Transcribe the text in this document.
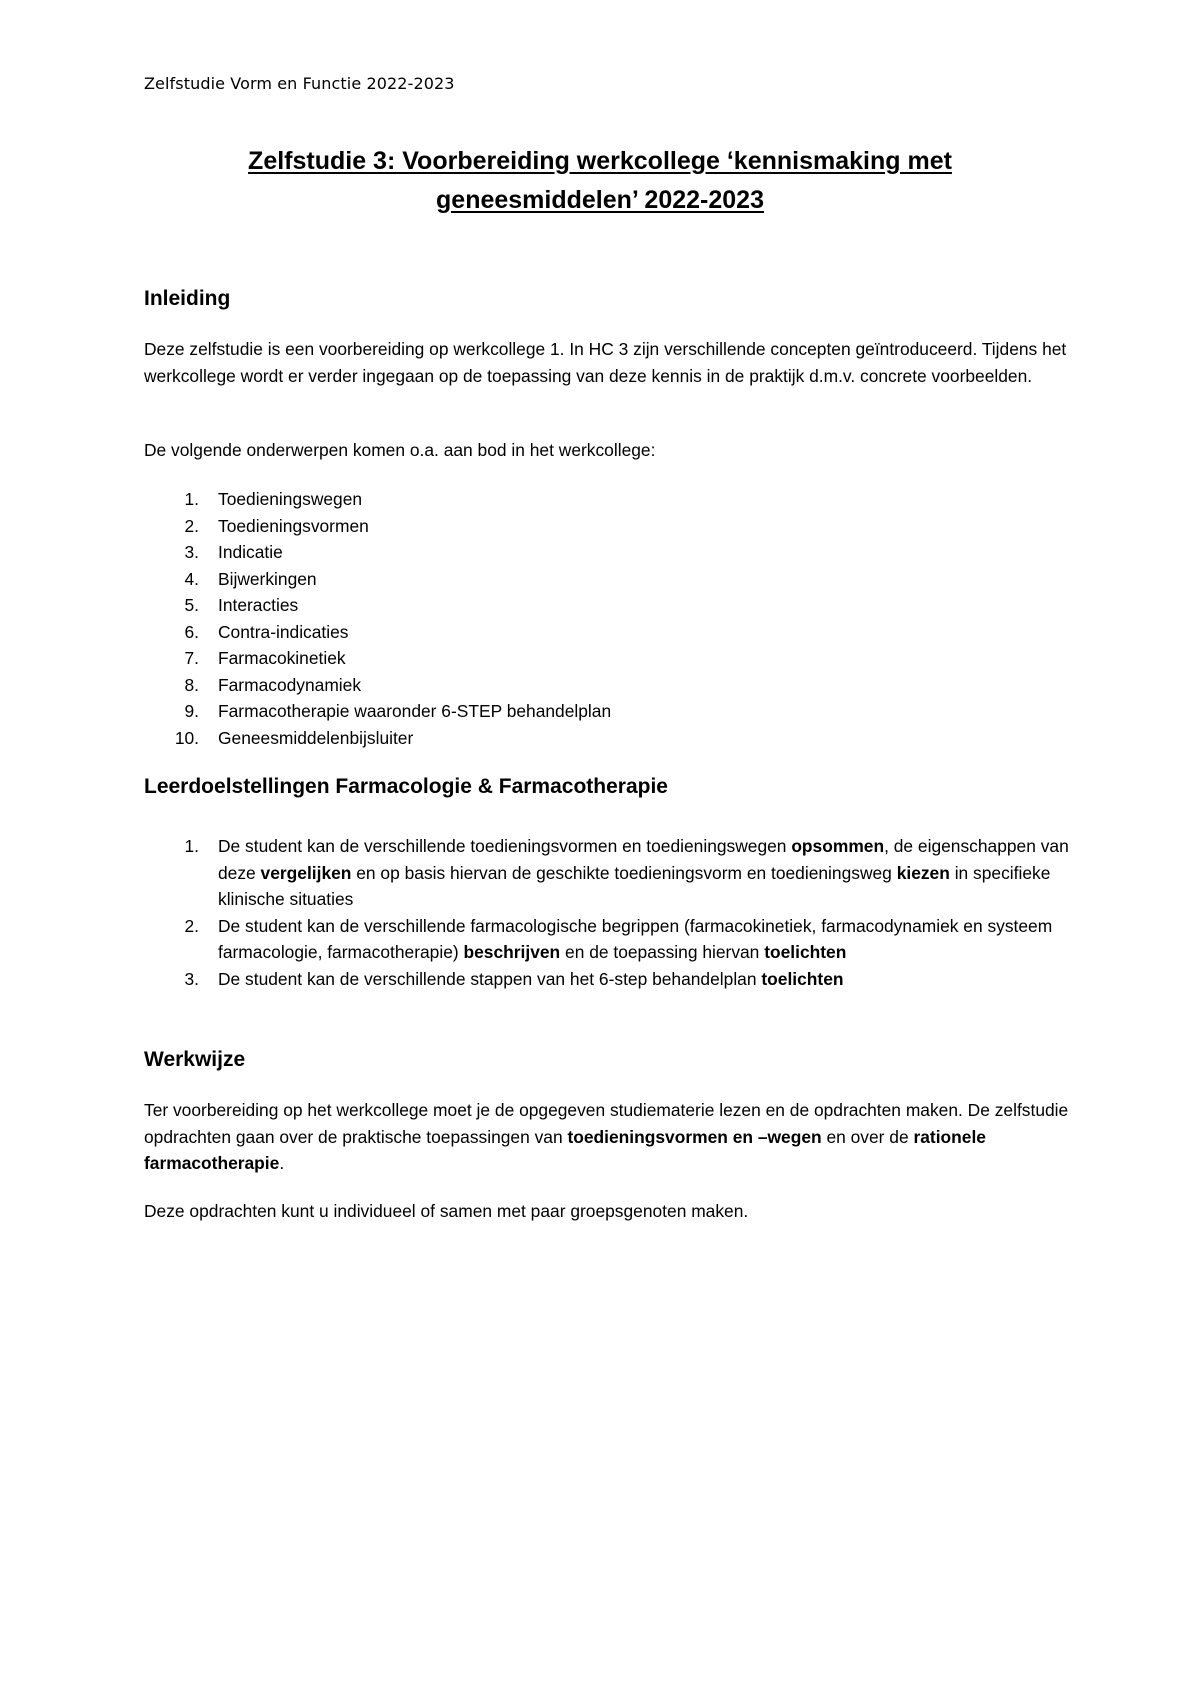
Zelfstudie Vorm en Functie 2022-2023
Zelfstudie 3: Voorbereiding werkcollege ‘kennismaking met geneesmiddelen’ 2022-2023
Inleiding

Deze zelfstudie is een voorbereiding op werkcollege 1. In HC 3 zijn verschillende concepten geïntroduceerd. Tijdens het werkcollege wordt er verder ingegaan op de toepassing van deze kennis in de praktijk d.m.v. concrete voorbeelden.

De volgende onderwerpen komen o.a. aan bod in het werkcollege:

1. Toedieningswegen
2. Toedieningsvormen
3. Indicatie
4. Bijwerkingen
5. Interacties
6. Contra-indicaties
7. Farmacokinetiek
8. Farmacodynamiek
9. Farmacotherapie waaronder 6-STEP behandelplan
10. Geneesmiddelenbijsluiter
Leerdoelstellingen Farmacologie & Farmacotherapie
1. De student kan de verschillende toedieningsvormen en toedieningswegen opsommen, de eigenschappen van deze vergelijken en op basis hiervan de geschikte toedieningsvorm en toedieningsweg kiezen in specifieke klinische situaties
2. De student kan de verschillende farmacologische begrippen (farmacokinetiek, farmacodynamiek en systeem farmacologie, farmacotherapie) beschrijven en de toepassing hiervan toelichten
3. De student kan de verschillende stappen van het 6-step behandelplan toelichten
Werkwijze

Ter voorbereiding op het werkcollege moet je de opgegeven studiematerie lezen en de opdrachten maken. De zelfstudie opdrachten gaan over de praktische toepassingen van toedieningsvormen en –wegen en over de rationele farmacotherapie.

Deze opdrachten kunt u individueel of samen met paar groepsgenoten maken.
